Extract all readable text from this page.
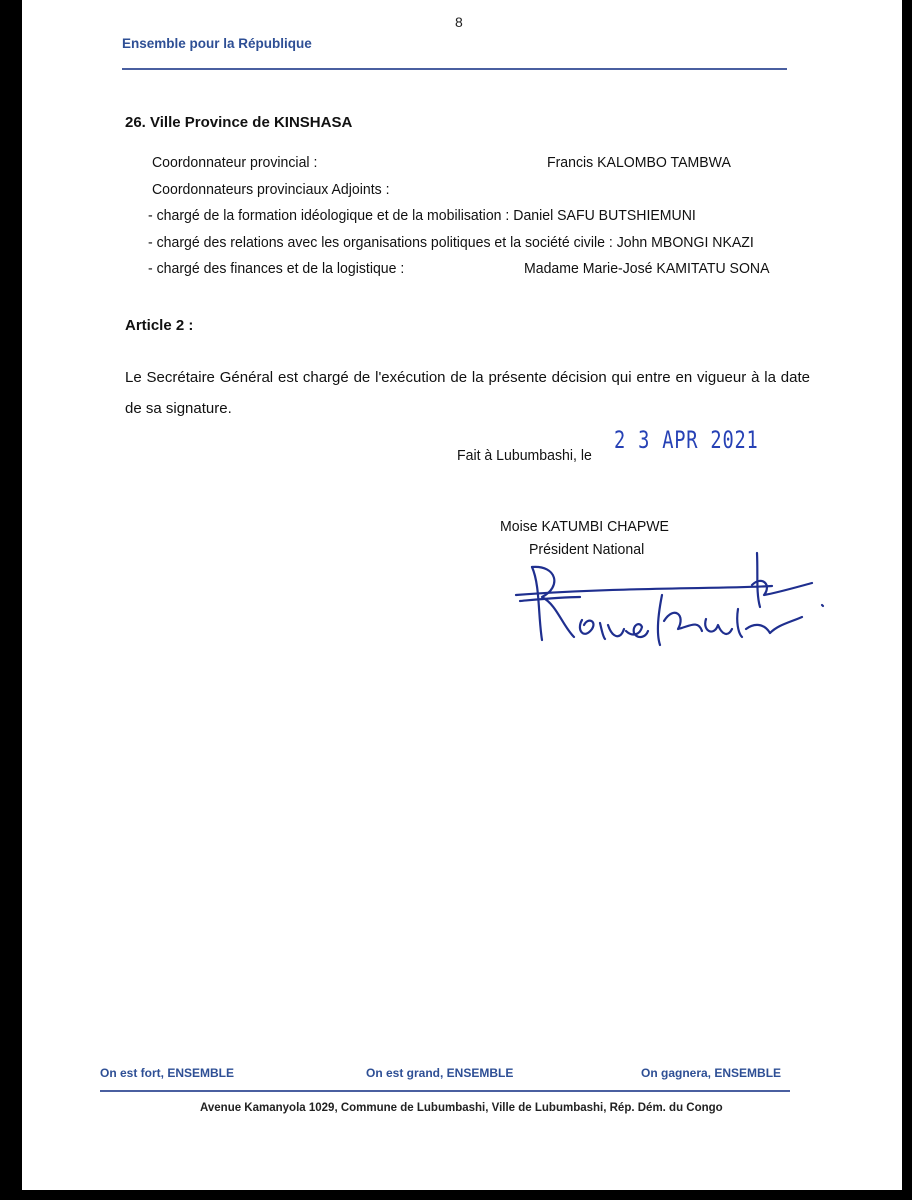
8
Ensemble pour la République
26. Ville Province de KINSHASA
Coordonnateur provincial :	Francis KALOMBO TAMBWA
Coordonnateurs provinciaux Adjoints :
- chargé de la formation idéologique et de la mobilisation : Daniel SAFU BUTSHIEMUNI
- chargé des relations avec les organisations politiques et la société civile : John MBONGI NKAZI
- chargé des finances et de la logistique :	Madame Marie-José KAMITATU SONA
Article 2 :
Le Secrétaire Général est chargé de l'exécution de la présente décision qui entre en vigueur à la date de sa signature.
Fait à Lubumbashi, le
2 3 APR 2021
Moise KATUMBI CHAPWE
Président National
On est fort, ENSEMBLE	On est grand, ENSEMBLE	On gagnera, ENSEMBLE
Avenue Kamanyola 1029, Commune de Lubumbashi, Ville de Lubumbashi, Rép. Dém. du Congo
